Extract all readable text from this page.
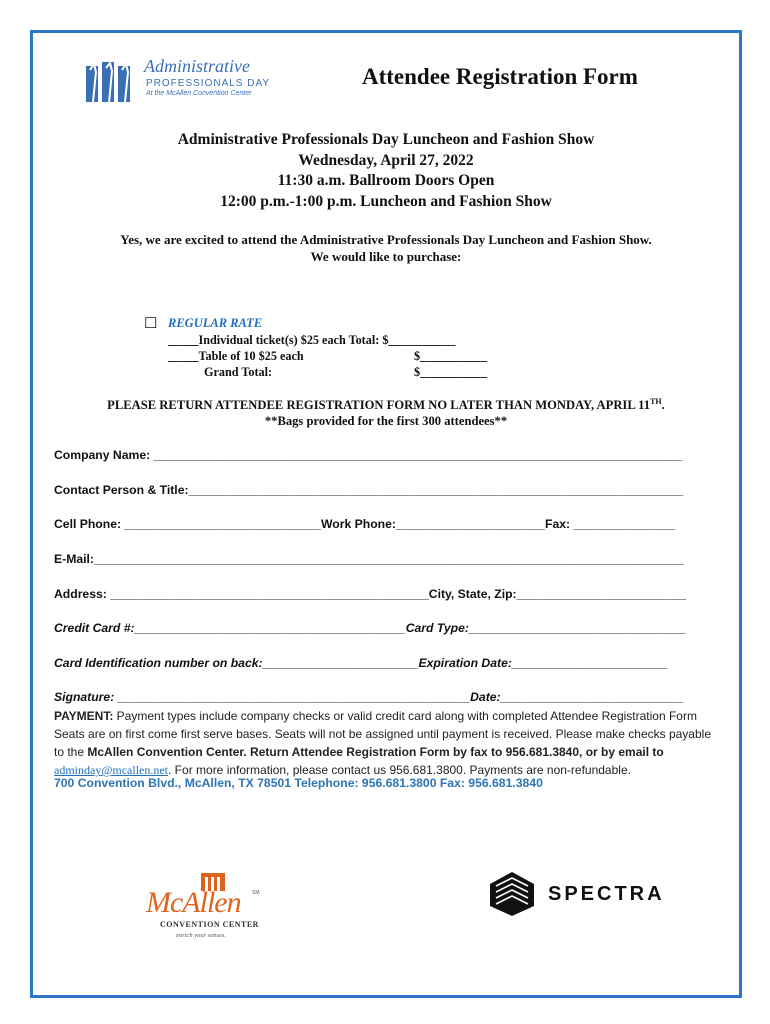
Administrative
PROFESSIONALS DAY
At the McAllen Convention Center
Attendee Registration Form
Administrative Professionals Day Luncheon and Fashion Show
Wednesday, April 27, 2022
11:30 a.m. Ballroom Doors Open
12:00 p.m.-1:00 p.m. Luncheon and Fashion Show
Yes, we are excited to attend the Administrative Professionals Day Luncheon and Fashion Show.
We would like to purchase:
☐ REGULAR RATE
_____Individual ticket(s) $25 each Total: $___________
_____Table of 10 $25 each	$___________
Grand Total:	$___________
PLEASE RETURN ATTENDEE REGISTRATION FORM NO LATER THAN MONDAY, APRIL 11TH.
**Bags provided for the first 300 attendees**
Company Name: ______________________________________________________________________________
Contact Person & Title:_________________________________________________________________________
Cell Phone: _____________________________Work Phone:______________________Fax: _______________
E-Mail:_______________________________________________________________________________________
Address: _______________________________________________City, State, Zip:_________________________
Credit Card #:________________________________________Card Type:________________________________
Card Identification number on back:_______________________Expiration Date:_______________________
Signature: ____________________________________________________Date:___________________________
PAYMENT: Payment types include company checks or valid credit card along with completed Attendee Registration Form Seats are on first come first serve bases. Seats will not be assigned until payment is received. Please make checks payable to the McAllen Convention Center. Return Attendee Registration Form by fax to 956.681.3840, or by email to adminday@mcallen.net. For more information, please contact us 956.681.3800. Payments are non-refundable.
700 Convention Blvd., McAllen, TX 78501 Telephone: 956.681.3800 Fax: 956.681.3840
McAllen SM
CONVENTION CENTER
enrich your senses.
SPECTRA
